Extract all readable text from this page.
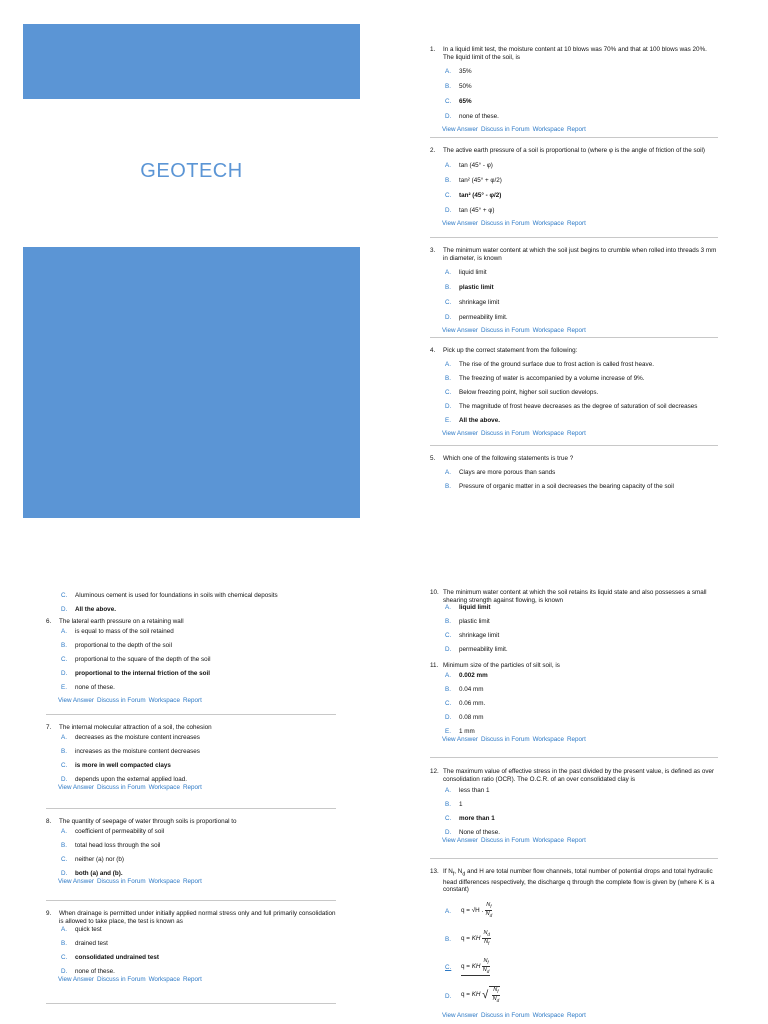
GEOTECH
1. In a liquid limit test, the moisture content at 10 blows was 70% and that at 100 blows was 20%. The liquid limit of the soil, is
A. 35%
B. 50%
C. 65%
D. none of these.
View Answer Discuss in Forum Workspace Report
2. The active earth pressure of a soil is proportional to (where φ is the angle of friction of the soil)
A. tan (45° - φ)
B. tan² (45° + φ/2)
C. tan² (45° - φ/2)
D. tan (45° + φ)
View Answer Discuss in Forum Workspace Report
3. The minimum water content at which the soil just begins to crumble when rolled into threads 3 mm in diameter, is known
A. liquid limit
B. plastic limit
C. shrinkage limit
D. permeability limit.
View Answer Discuss in Forum Workspace Report
4. Pick up the correct statement from the following:
A. The rise of the ground surface due to frost action is called frost heave.
B. The freezing of water is accompanied by a volume increase of 9%.
C. Below freezing point, higher soil suction develops.
D. The magnitude of frost heave decreases as the degree of saturation of soil decreases
E. All the above.
View Answer Discuss in Forum Workspace Report
5. Which one of the following statements is true ?
A. Clays are more porous than sands
B. Pressure of organic matter in a soil decreases the bearing capacity of the soil
C. Aluminous cement is used for foundations in soils with chemical deposits
D. All the above.
6. The lateral earth pressure on a retaining wall
A. is equal to mass of the soil retained
B. proportional to the depth of the soil
C. proportional to the square of the depth of the soil
D. proportional to the internal friction of the soil
E. none of these.
View Answer Discuss in Forum Workspace Report
7. The internal molecular attraction of a soil, the cohesion
A. decreases as the moisture content increases
B. increases as the moisture content decreases
C. is more in well compacted clays
D. depends upon the external applied load.
View Answer Discuss in Forum Workspace Report
8. The quantity of seepage of water through soils is proportional to
A. coefficient of permeability of soil
B. total head loss through the soil
C. neither (a) nor (b)
D. both (a) and (b).
View Answer Discuss in Forum Workspace Report
9. When drainage is permitted under initially applied normal stress only and full primarily consolidation is allowed to take place, the test is known as
A. quick test
B. drained test
C. consolidated undrained test
D. none of these.
View Answer Discuss in Forum Workspace Report
10. The minimum water content at which the soil retains its liquid state and also possesses a small shearing strength against flowing, is known
A. liquid limit
B. plastic limit
C. shrinkage limit
D. permeability limit.
11. Minimum size of the particles of silt soil, is
A. 0.002 mm
B. 0.04 mm
C. 0.06 mm.
D. 0.08 mm
E. 1 mm
View Answer Discuss in Forum Workspace Report
12. The maximum value of effective stress in the past divided by the present value, is defined as over consolidation ratio (OCR). The O.C.R. of an over consolidated clay is
A. less than 1
B. 1
C. more than 1
D. None of these.
View Answer Discuss in Forum Workspace Report
13. If $N_f$, $N_d$ and H are total number flow channels, total number of potential drops and total hydraulic head differences respectively, the discharge q through the complete flow is given by (where K is a constant)
A. q =
√ H
. $\frac{N_f}{N_d}$
B. q =
KH $\frac{N_d}{N_f}$
C. q =
KH $\frac{N_f}{N_d}$
D. q =
KH
√ $\frac{N_f}{N_d}$
View Answer Discuss in Forum Workspace Report
